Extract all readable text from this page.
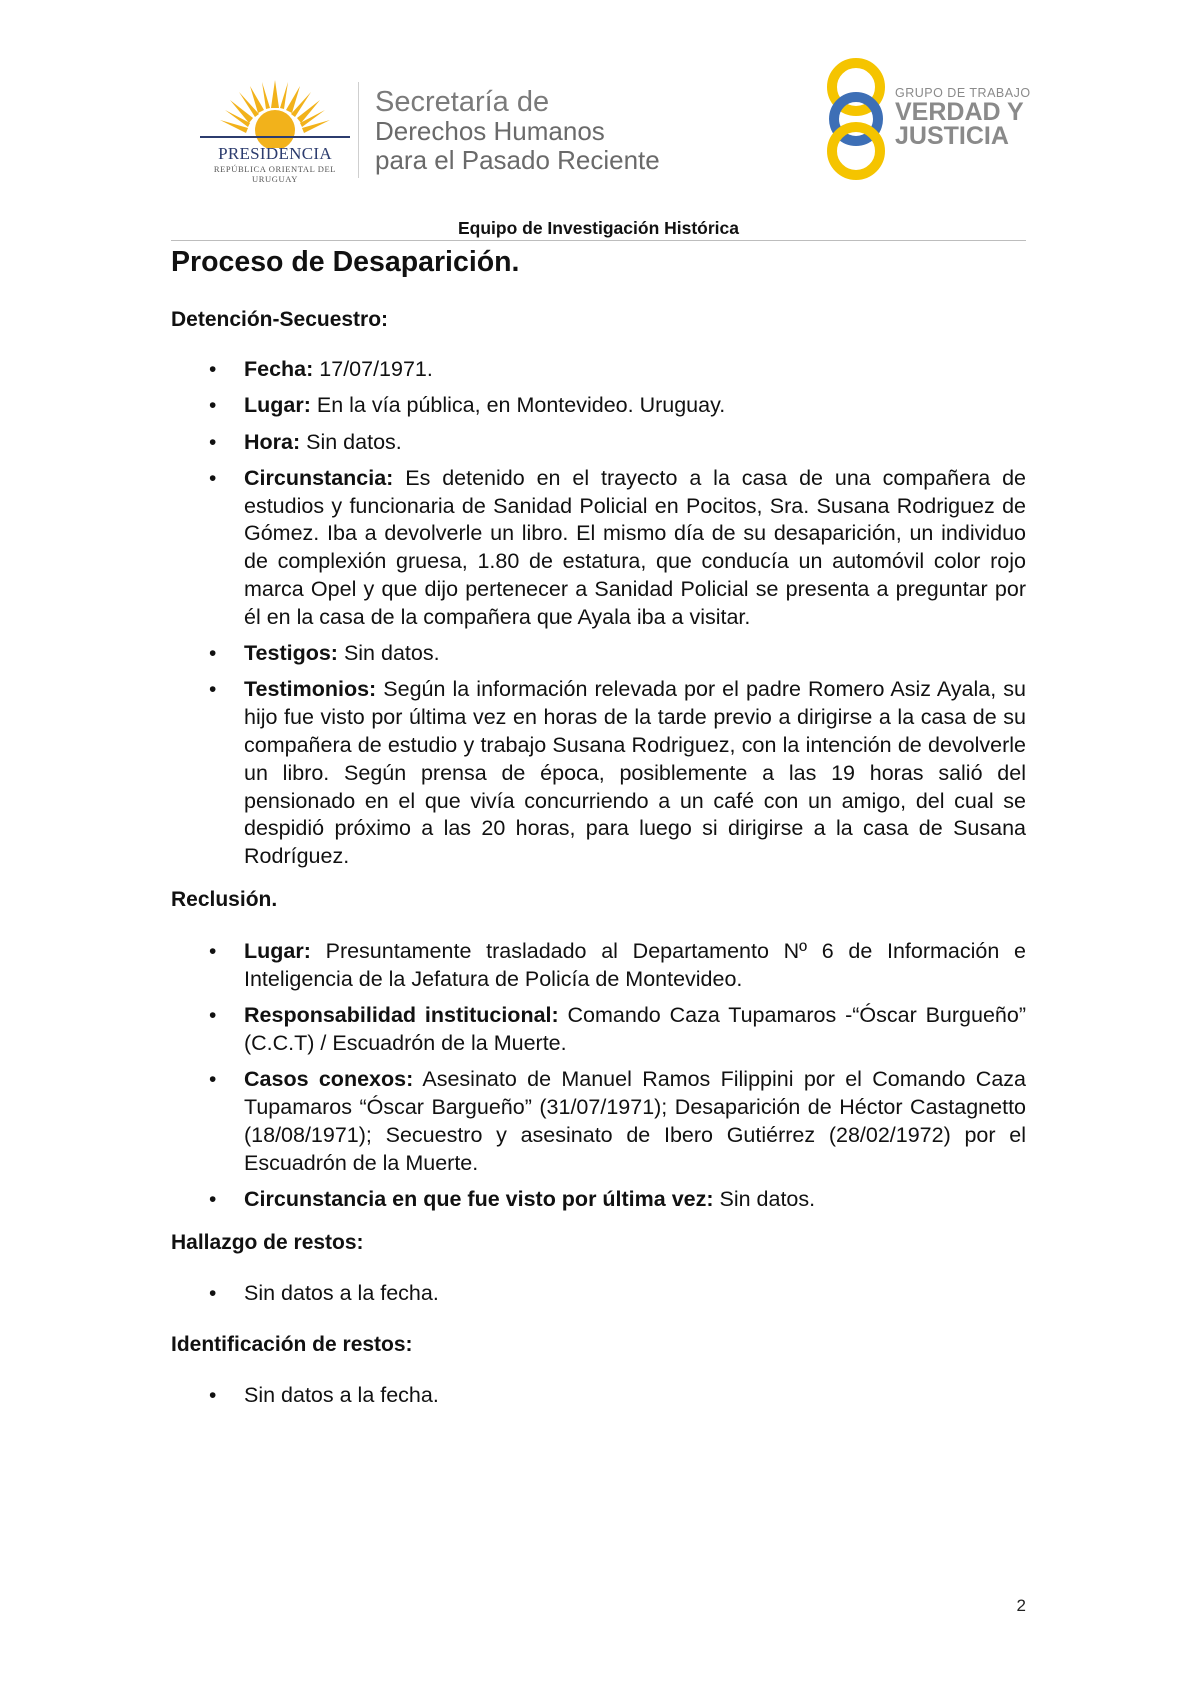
PRESIDENCIA
REPÚBLICA ORIENTAL DEL URUGUAY
Secretaría de
Derechos Humanos
para el Pasado Reciente
GRUPO DE TRABAJO
VERDAD Y
JUSTICIA
Equipo de Investigación Histórica
Proceso de Desaparición.
Detención-Secuestro:
• Fecha: 17/07/1971.
• Lugar: En la vía pública, en Montevideo. Uruguay.
• Hora: Sin datos.
• Circunstancia: Es detenido en el trayecto a la casa de una compañera de estudios y funcionaria de Sanidad Policial en Pocitos, Sra. Susana Rodriguez de Gómez. Iba a devolverle un libro. El mismo día de su desaparición, un individuo de complexión gruesa, 1.80 de estatura, que conducía un automóvil color rojo marca Opel y que dijo pertenecer a Sanidad Policial se presenta a preguntar por él en la casa de la compañera que Ayala iba a visitar.
• Testigos: Sin datos.
• Testimonios: Según la información relevada por el padre Romero Asiz Ayala, su hijo fue visto por última vez en horas de la tarde previo a dirigirse a la casa de su compañera de estudio y trabajo Susana Rodriguez, con la intención de devolverle un libro. Según prensa de época, posiblemente a las 19 horas salió del pensionado en el que vivía concurriendo a un café con un amigo, del cual se despidió próximo a las 20 horas, para luego si dirigirse a la casa de Susana Rodríguez.
Reclusión.
• Lugar: Presuntamente trasladado al Departamento Nº 6 de Información e Inteligencia de la Jefatura de Policía de Montevideo.
• Responsabilidad institucional: Comando Caza Tupamaros -“Óscar Burgueño” (C.C.T) / Escuadrón de la Muerte.
• Casos conexos: Asesinato de Manuel Ramos Filippini por el Comando Caza Tupamaros “Óscar Bargueño” (31/07/1971); Desaparición de Héctor Castagnetto (18/08/1971); Secuestro y asesinato de Ibero Gutiérrez (28/02/1972) por el Escuadrón de la Muerte.
• Circunstancia en que fue visto por última vez: Sin datos.
Hallazgo de restos:
• Sin datos a la fecha.
Identificación de restos:
• Sin datos a la fecha.
2
